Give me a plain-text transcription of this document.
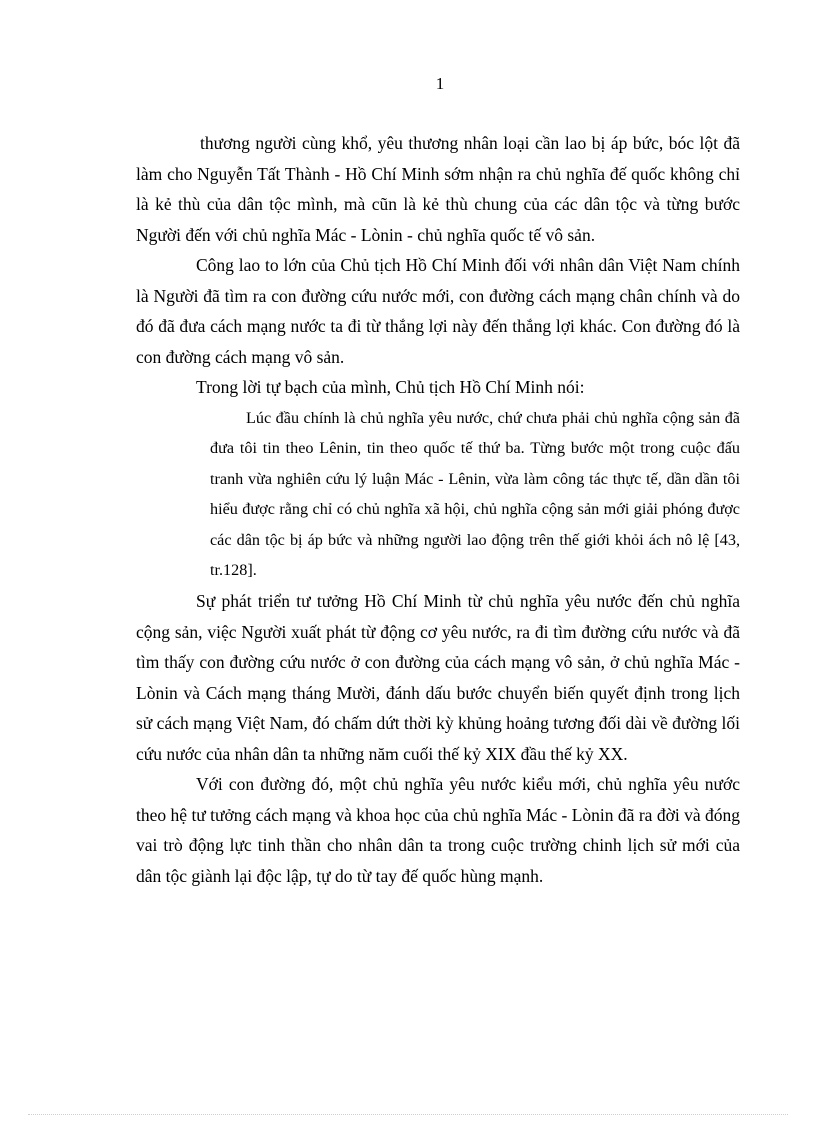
1

thương người cùng khổ, yêu thương nhân loại cần lao bị áp bức, bóc lột đã làm cho Nguyễn Tất Thành - Hồ Chí Minh sớm nhận ra chủ nghĩa đế quốc không chỉ là kẻ thù của dân tộc mình, mà cũn là kẻ thù chung của các dân tộc và từng bước Người đến với chủ nghĩa Mác - Lònin - chủ nghĩa quốc tế vô sản.

Công lao to lớn của Chủ tịch Hồ Chí Minh đối với nhân dân Việt Nam chính là Người đã tìm ra con đường cứu nước mới, con đường cách mạng chân chính và do đó đã đưa cách mạng nước ta đi từ thắng lợi này đến thắng lợi khác. Con đường đó là con đường cách mạng vô sản.

Trong lời tự bạch của mình, Chủ tịch Hồ Chí Minh nói:

Lúc đầu chính là chủ nghĩa yêu nước, chứ chưa phải chủ nghĩa cộng sản đã đưa tôi tin theo Lênin, tin theo quốc tế thứ ba. Từng bước một trong cuộc đấu tranh vừa nghiên cứu lý luận Mác - Lênin, vừa làm công tác thực tế, dần dần tôi hiểu được rằng chỉ có chủ nghĩa xã hội, chủ nghĩa cộng sản mới giải phóng được các dân tộc bị áp bức và những người lao động trên thế giới khỏi ách nô lệ [43, tr.128].

Sự phát triển tư tưởng Hồ Chí Minh từ chủ nghĩa yêu nước đến chủ nghĩa cộng sản, việc Người xuất phát từ động cơ yêu nước, ra đi tìm đường cứu nước và đã tìm thấy con đường cứu nước ở con đường của cách mạng vô sản, ở chủ nghĩa Mác - Lònin và Cách mạng tháng Mười, đánh dấu bước chuyển biến quyết định trong lịch sử cách mạng Việt Nam, đó chấm dứt thời kỳ khủng hoảng tương đối dài về đường lối cứu nước của nhân dân ta những năm cuối thế kỷ XIX đầu thế kỷ XX.

Với con đường đó, một chủ nghĩa yêu nước kiểu mới, chủ nghĩa yêu nước theo hệ tư tưởng cách mạng và khoa học của chủ nghĩa Mác - Lònin đã ra đời và đóng vai trò động lực tinh thần cho nhân dân ta trong cuộc trường chinh lịch sử mới của dân tộc giành lại độc lập, tự do từ tay đế quốc hùng mạnh.
